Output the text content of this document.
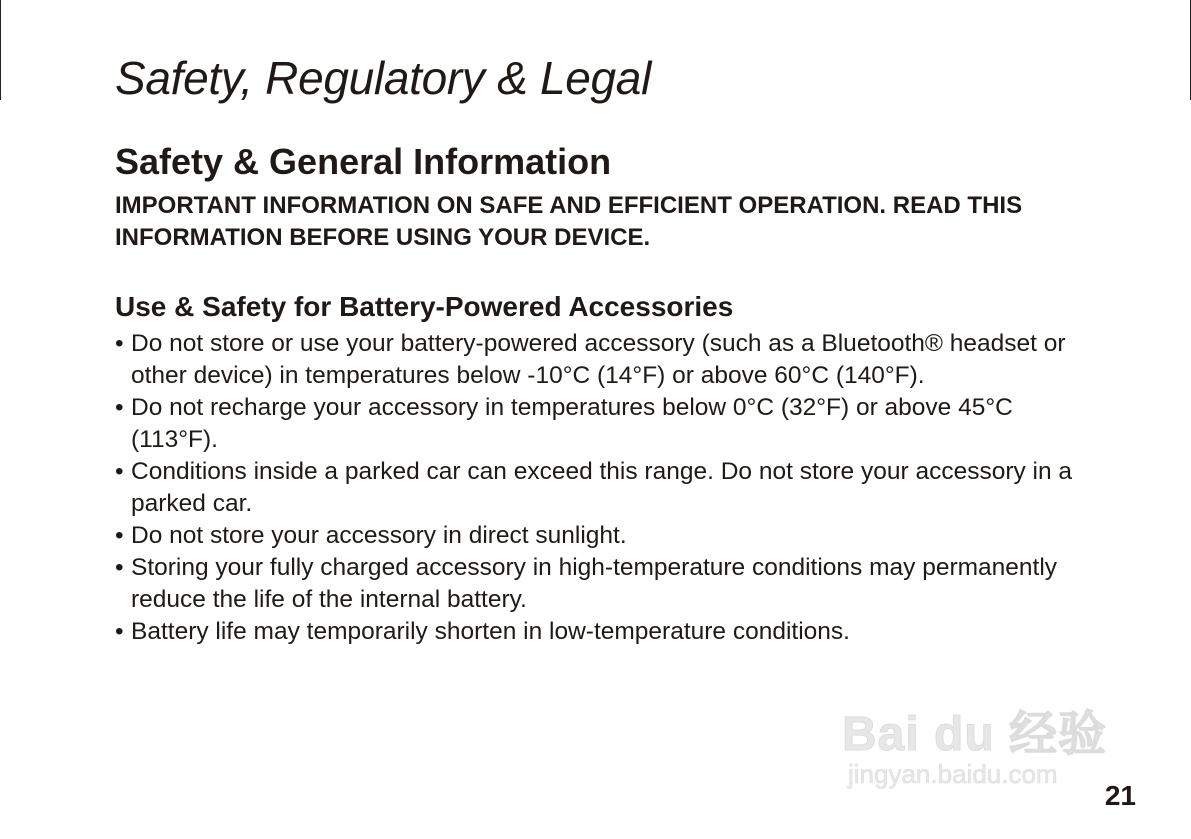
Safety, Regulatory & Legal
Safety & General Information

IMPORTANT INFORMATION ON SAFE AND EFFICIENT OPERATION. READ THIS INFORMATION BEFORE USING YOUR DEVICE.

Use & Safety for Battery-Powered Accessories
• Do not store or use your battery-powered accessory (such as a Bluetooth® headset or other device) in temperatures below -10°C (14°F) or above 60°C (140°F).
• Do not recharge your accessory in temperatures below 0°C (32°F) or above 45°C (113°F).
• Conditions inside a parked car can exceed this range. Do not store your accessory in a parked car.
• Do not store your accessory in direct sunlight.
• Storing your fully charged accessory in high-temperature conditions may permanently reduce the life of the internal battery.
• Battery life may temporarily shorten in low-temperature conditions.
Bai du 经验
jingyan.baidu.com
21
